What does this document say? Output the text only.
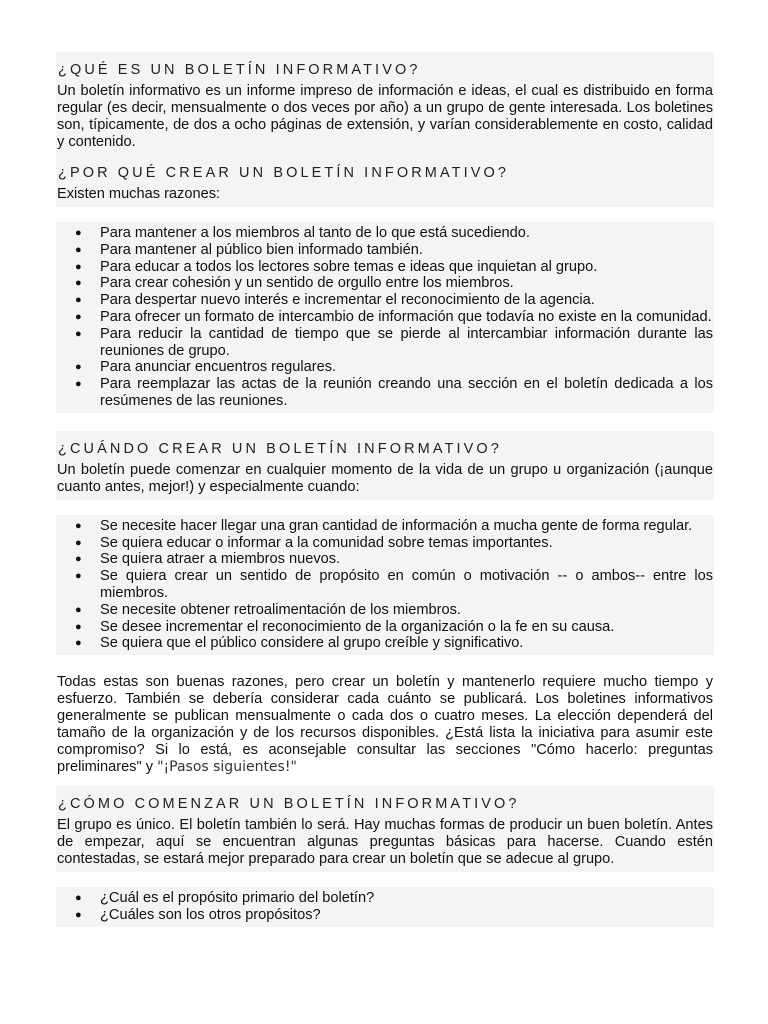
¿QUÉ ES UN BOLETÍN INFORMATIVO?

Un boletín informativo es un informe impreso de información e ideas, el cual es distribuido en forma regular (es decir, mensualmente o dos veces por año) a un grupo de gente interesada. Los boletines son, típicamente, de dos a ocho páginas de extensión, y varían considerablemente en costo, calidad y contenido.

¿POR QUÉ CREAR UN BOLETÍN INFORMATIVO?

Existen muchas razones:

● Para mantener a los miembros al tanto de lo que está sucediendo.
● Para mantener al público bien informado también.
● Para educar a todos los lectores sobre temas e ideas que inquietan al grupo.
● Para crear cohesión y un sentido de orgullo entre los miembros.
● Para despertar nuevo interés e incrementar el reconocimiento de la agencia.
● Para ofrecer un formato de intercambio de información que todavía no existe en la comunidad.
● Para reducir la cantidad de tiempo que se pierde al intercambiar información durante las reuniones de grupo.
● Para anunciar encuentros regulares.
● Para reemplazar las actas de la reunión creando una sección en el boletín dedicada a los resúmenes de las reuniones.
¿CUÁNDO CREAR UN BOLETÍN INFORMATIVO?

Un boletín puede comenzar en cualquier momento de la vida de un grupo u organización (¡aunque cuanto antes, mejor!) y especialmente cuando:

● Se necesite hacer llegar una gran cantidad de información a mucha gente de forma regular.
● Se quiera educar o informar a la comunidad sobre temas importantes.
● Se quiera atraer a miembros nuevos.
● Se quiera crear un sentido de propósito en común o motivación -- o ambos-- entre los miembros.
● Se necesite obtener retroalimentación de los miembros.
● Se desee incrementar el reconocimiento de la organización o la fe en su causa.
● Se quiera que el público considere al grupo creíble y significativo.

Todas estas son buenas razones, pero crear un boletín y mantenerlo requiere mucho tiempo y esfuerzo. También se debería considerar cada cuánto se publicará. Los boletines informativos generalmente se publican mensualmente o cada dos o cuatro meses. La elección dependerá del tamaño de la organización y de los recursos disponibles. ¿Está lista la iniciativa para asumir este compromiso? Si lo está, es aconsejable consultar las secciones "Cómo hacerlo: preguntas preliminares" y "¡Pasos siguientes!"

¿CÓMO COMENZAR UN BOLETÍN INFORMATIVO?

El grupo es único. El boletín también lo será. Hay muchas formas de producir un buen boletín. Antes de empezar, aquí se encuentran algunas preguntas básicas para hacerse. Cuando estén contestadas, se estará mejor preparado para crear un boletín que se adecue al grupo.

● ¿Cuál es el propósito primario del boletín?
● ¿Cuáles son los otros propósitos?
